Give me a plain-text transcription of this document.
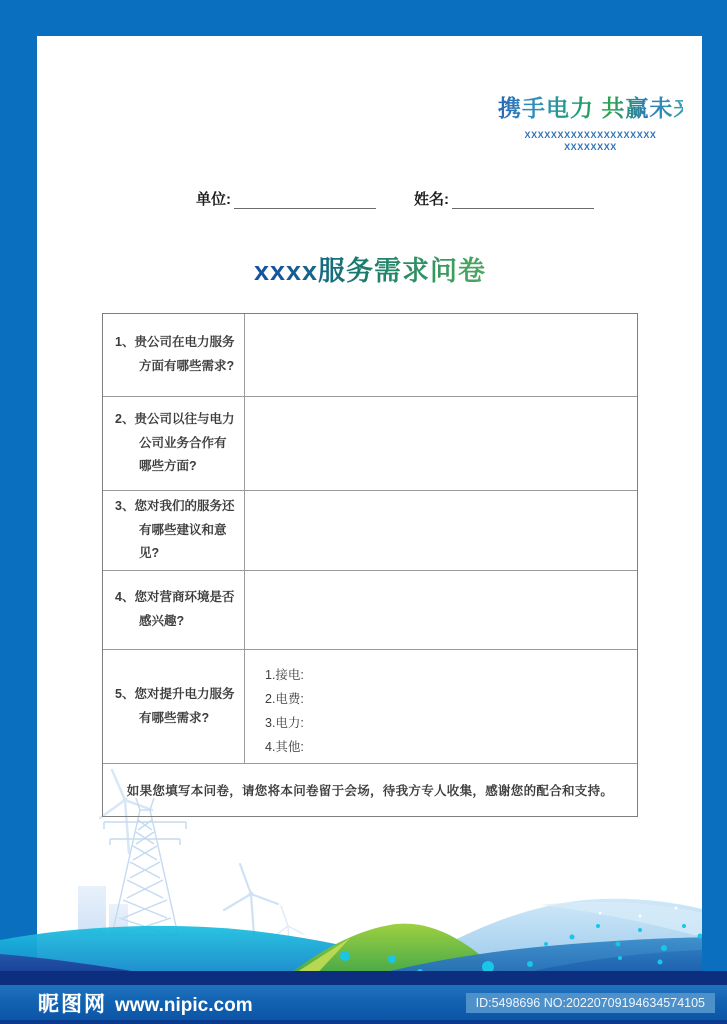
携手电力 共赢未来
XXXXXXXXXXXXXXXXXXXX
XXXXXXXX
单位:	姓名:
xxxx服务需求问卷
1、贵公司在电力服务方面有哪些需求?
2、贵公司以往与电力公司业务合作有哪些方面?
3、您对我们的服务还有哪些建议和意见?
4、您对营商环境是否感兴趣?
5、您对提升电力服务有哪些需求?
1.接电:
2.电费:
3.电力:
4.其他:
如果您填写本问卷，请您将本问卷留于会场，待我方专人收集，感谢您的配合和支持。
昵图网 www.nipic.com	ID:5498696 NO:20220709194634574105
